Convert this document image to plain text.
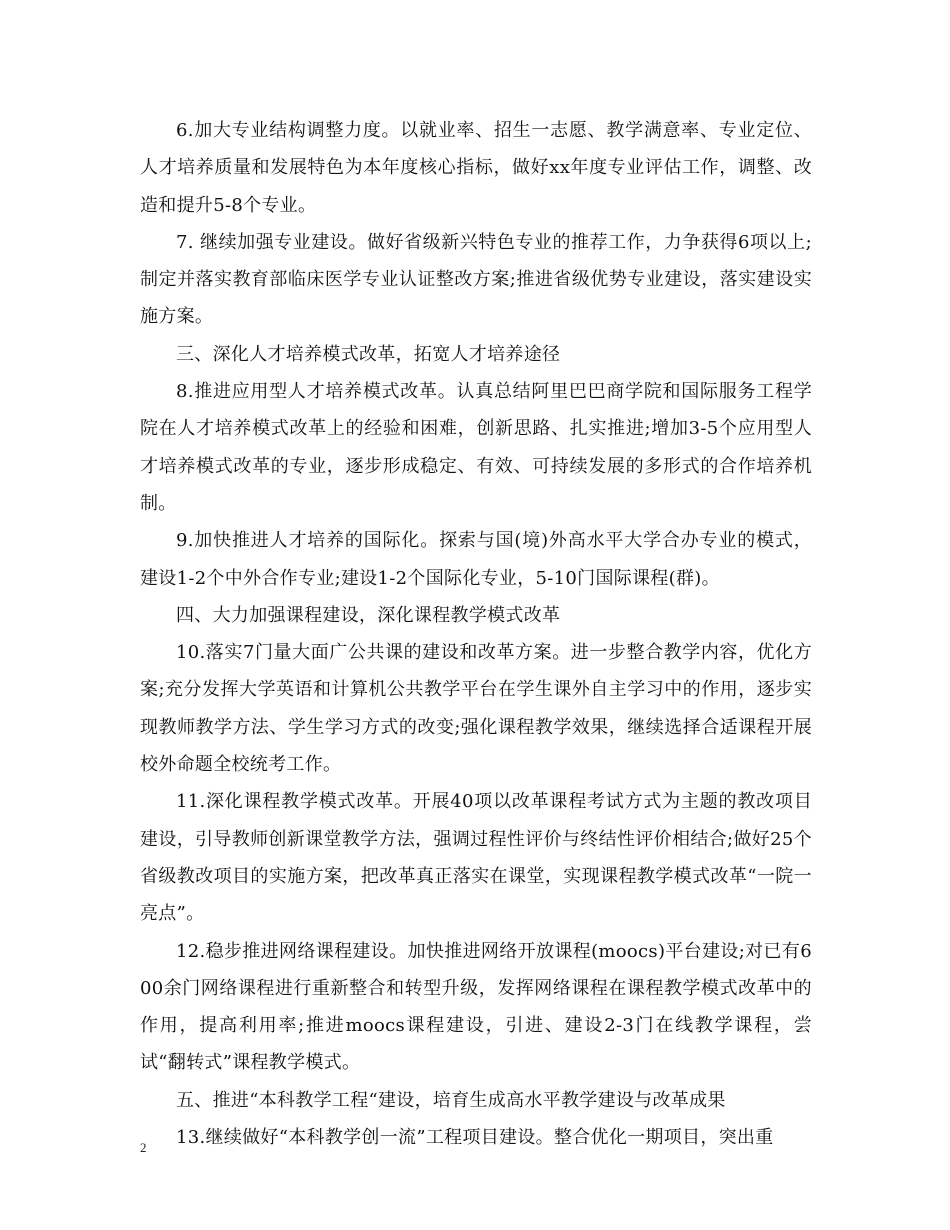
6.加大专业结构调整力度。以就业率、招生一志愿、教学满意率、专业定位、人才培养质量和发展特色为本年度核心指标，做好xx年度专业评估工作，调整、改造和提升5-8个专业。

7. 继续加强专业建设。做好省级新兴特色专业的推荐工作，力争获得6项以上;制定并落实教育部临床医学专业认证整改方案;推进省级优势专业建设，落实建设实施方案。

三、深化人才培养模式改革，拓宽人才培养途径

8.推进应用型人才培养模式改革。认真总结阿里巴巴商学院和国际服务工程学院在人才培养模式改革上的经验和困难，创新思路、扎实推进;增加3-5个应用型人才培养模式改革的专业，逐步形成稳定、有效、可持续发展的多形式的合作培养机制。

9.加快推进人才培养的国际化。探索与国(境)外高水平大学合办专业的模式，建设1-2个中外合作专业;建设1-2个国际化专业，5-10门国际课程(群)。

四、大力加强课程建设，深化课程教学模式改革

10.落实7门量大面广公共课的建设和改革方案。进一步整合教学内容，优化方案;充分发挥大学英语和计算机公共教学平台在学生课外自主学习中的作用，逐步实现教师教学方法、学生学习方式的改变;强化课程教学效果，继续选择合适课程开展校外命题全校统考工作。

11.深化课程教学模式改革。开展40项以改革课程考试方式为主题的教改项目建设，引导教师创新课堂教学方法，强调过程性评价与终结性评价相结合;做好25个省级教改项目的实施方案，把改革真正落实在课堂，实现课程教学模式改革“一院一亮点”。

12.稳步推进网络课程建设。加快推进网络开放课程(moocs)平台建设;对已有600余门网络课程进行重新整合和转型升级，发挥网络课程在课程教学模式改革中的作用，提高利用率;推进moocs课程建设，引进、建设2-3门在线教学课程，尝试“翻转式”课程教学模式。

五、推进“本科教学工程“建设，培育生成高水平教学建设与改革成果

13.继续做好“本科教学创一流”工程项目建设。整合优化一期项目，突出重

2
